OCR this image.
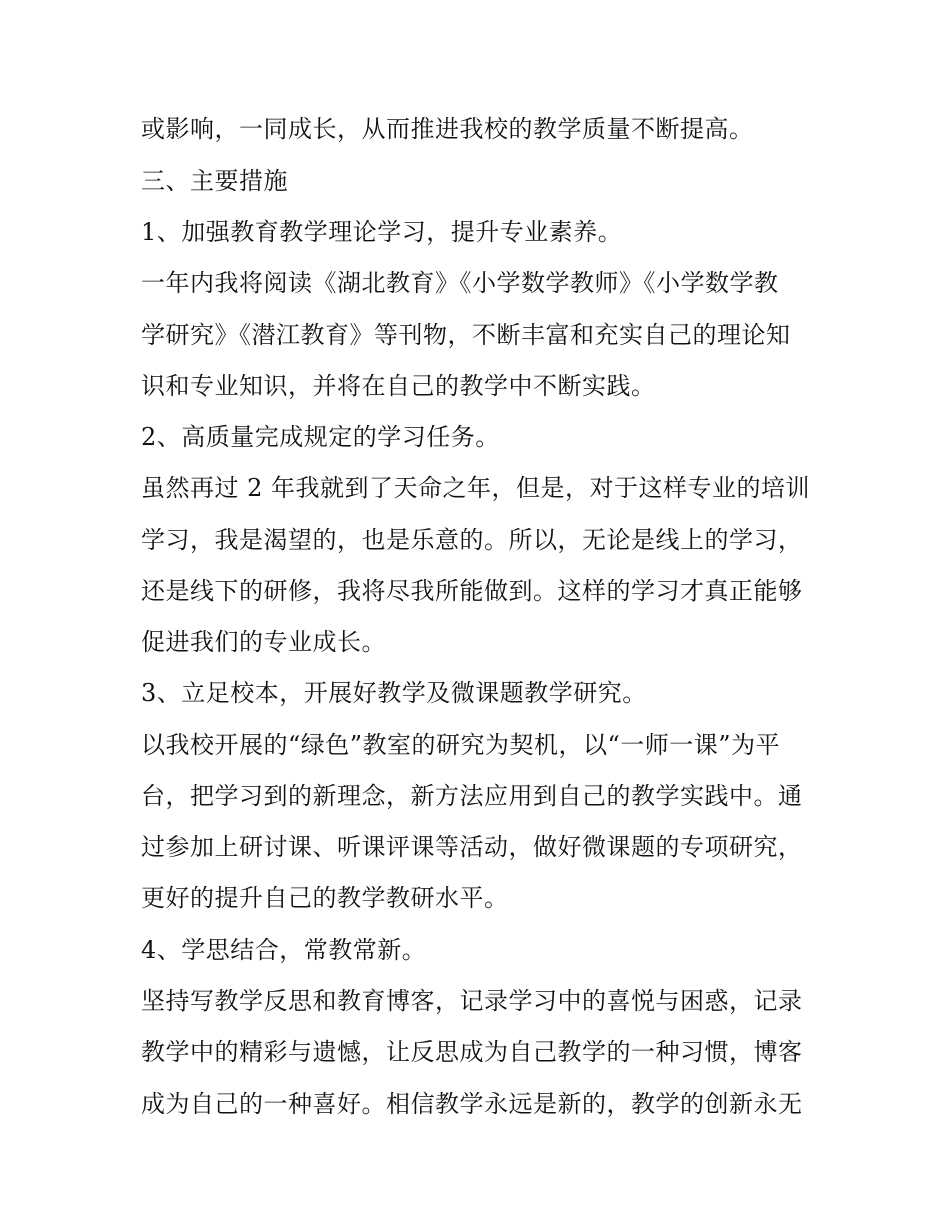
或影响，一同成长，从而推进我校的教学质量不断提高。
三、主要措施
1、加强教育教学理论学习，提升专业素养。
一年内我将阅读《湖北教育》《小学数学教师》《小学数学教
学研究》《潜江教育》等刊物，不断丰富和充实自己的理论知
识和专业知识，并将在自己的教学中不断实践。
2、高质量完成规定的学习任务。
虽然再过 2 年我就到了天命之年，但是，对于这样专业的培训
学习，我是渴望的，也是乐意的。所以，无论是线上的学习，
还是线下的研修，我将尽我所能做到。这样的学习才真正能够
促进我们的专业成长。
3、立足校本，开展好教学及微课题教学研究。
以我校开展的“绿色”教室的研究为契机，以“一师一课”为平
台，把学习到的新理念，新方法应用到自己的教学实践中。通
过参加上研讨课、听课评课等活动，做好微课题的专项研究，
更好的提升自己的教学教研水平。
4、学思结合，常教常新。
坚持写教学反思和教育博客，记录学习中的喜悦与困惑，记录
教学中的精彩与遗憾，让反思成为自己教学的一种习惯，博客
成为自己的一种喜好。相信教学永远是新的，教学的创新永无
